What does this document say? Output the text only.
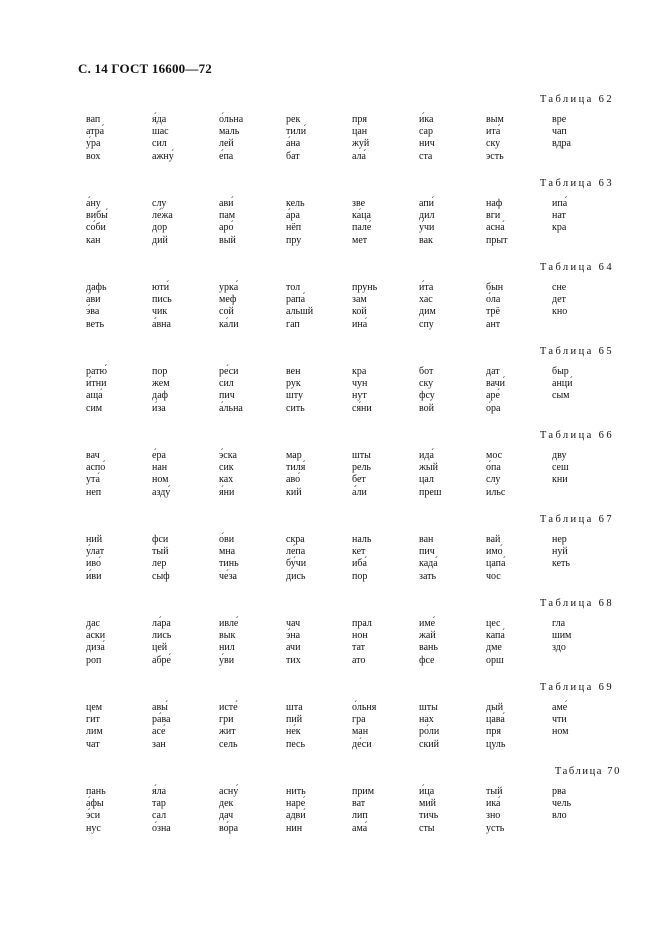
С. 14 ГОСТ 16600—72
Таблица 62
вап
атра́
у́ра
вох
я́да
шас
сил
ажну́
о́льна
маль
лей
е́па
рек
тили́
а́на
бат
пря
цан
жуй
ала́
и́ка
сар
нич
ста
вым
ита́
ску
эсть
вре
чап
вдра
Таблица 63
а́ну
вибы́
со́би
кан
слу
ле́жа
дор
дий
ави́
пам
аро́
вый
кель
а́ра
нёп
пру
зве
ка́ца
пале́
мет
апи́
дил
у́чи
вак
наф
вги
асна́
прыт
ипа́
нат
кра
Таблица 64
дафь
а́ви
э́ва
веть
юти́
пись
чик
а́вна
урка́
меф
сой
ка́ли
тол
рапа́
альшй
гап
прунь
зам
кой
ина́
и́та
хас
дим
спу
бын
о́ла
трё
ант
сне
дет
кно
Таблица 65
ратю́
и́тни
аща́
сим
пор
жем
даф
и́за
ре́си
сил
пич
а́льна
вен
рук
шту
сить
кра
чун
нут
ся́ни
бот
ску
фсу
вой
дат
вачи́
аре́
о́ра
быр
анци́
сым
Таблица 66
вач
аспо́
ута́
неп
е́ра
нан
ном
азду́
э́ска
сик
ках
я́ни
мар
тиля́
аво́
кий
шты
рель
бет
а́ли
ида́
жый
цал
преш
мос
о́па
слу
ильс
дву
сеш
кни
Таблица 67
ний
у́лат
иво́
и́ви
фси
тый
лер
сыф
о́ви
мна
тинь
че́за
скра
ле́па
бу́чи
дись
наль
кет
иба́
пор
ван
пич
када́
зать
вай
имо́
цапа́
чос
нер
нуй
кеть
Таблица 68
дас
а́ски
диза́
роп
ла́ра
лись
цей
абре́
ивле́
вык
нил
у́ви
чач
э́на
ачи
тих
прал
нон
тат
ато
име́
жай
вань
фсе
цес
капа́
дме
орш
гла
шим
здо
Таблица 69
цем
гит
лим
чат
авы́
ра́ва
асе́
зан
исте́
гри
жит
сель
шта
пий
не́к
песь
о́льня
гра
ман
де́си
шты
нах
ро́ли
ский
дый
цава́
пря
цуль
аме́
чти
ном
Таблица 70
пань
а́фы
э́си
нус
я́ла
тар
сал
о́зна
асну́
дек
дач
во́ра
нить
наре́
адви́
нин
прим
ват
лип
ама́
и́ца
мий
тичь
сты
тый
ика́
зно
усть
рва
чель
вло
